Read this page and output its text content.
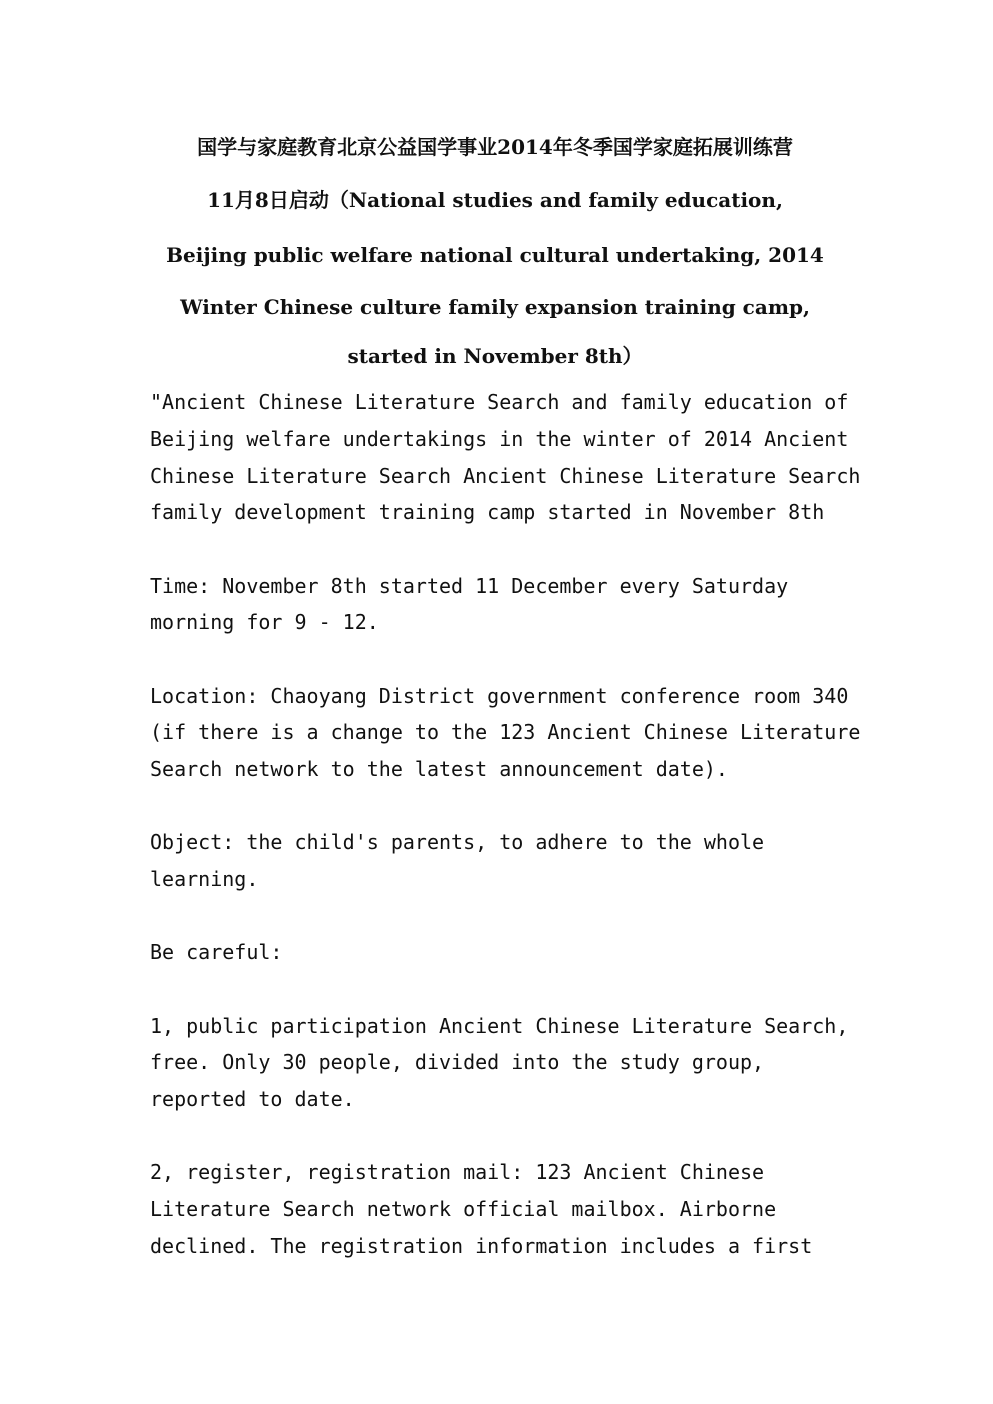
国学与家庭教育北京公益国学事业2014年冬季国学家庭拓展训练营
11月8日启动（National studies and family education,
Beijing public welfare national cultural undertaking, 2014
Winter Chinese culture family expansion training camp,
started in November 8th）
"Ancient Chinese Literature Search and family education of
Beijing welfare undertakings in the winter of 2014 Ancient
Chinese Literature Search Ancient Chinese Literature Search
family development training camp started in November 8th
Time: November 8th started 11 December every Saturday
morning for 9 - 12.
Location: Chaoyang District government conference room 340
(if there is a change to the 123 Ancient Chinese Literature
Search network to the latest announcement date).
Object: the child's parents, to adhere to the whole
learning.
Be careful:
1, public participation Ancient Chinese Literature Search,
free. Only 30 people, divided into the study group,
reported to date.
2, register, registration mail: 123 Ancient Chinese
Literature Search network official mailbox. Airborne
declined. The registration information includes a first
